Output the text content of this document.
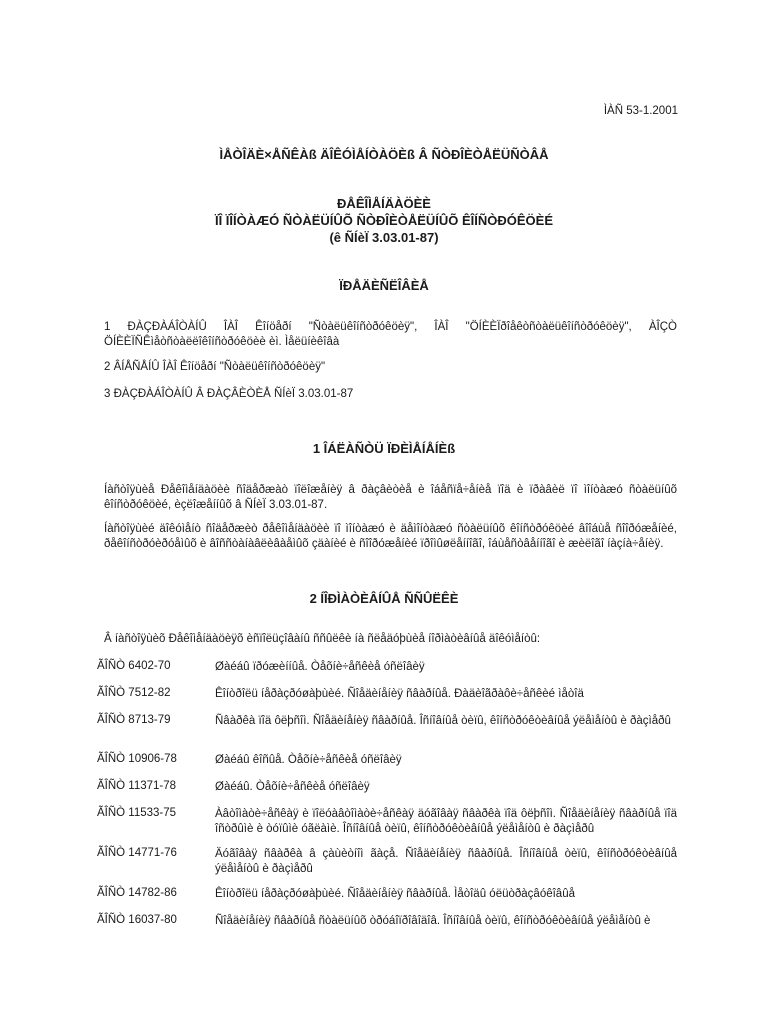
ÌÀÑ 53-1.2001
ÌÅÒÎÄÈ×ÅÑÊÀß ÄÎÊÓÌÅÍÒÀÖÈß Â ÑÒÐÎÈÒÅËÜÑÒÂÅ
ÐÅÊÎÌÅÍÄÀÖÈÈ
ÏÎ ÏÎÍÒÀÆÓ ÑÒÀËÜÍÛÕ ÑÒÐÎÈÒÅËÜÍÛÕ ÊÎÍÑÒÐÓÊÖÈÉ
(ê ÑÍèÏ 3.03.01-87)
ÏÐÅÄÈÑËÎÂÈÅ
1 ÐÀÇÐÀÁÎÒÀÍÛ ÎÀÎ Êîíöåðí "Ñòàëüêîíñòðóêöèÿ", ÎÀÎ "ÖÍÈÈÏðîåêòñòàëüêîíñòðóêöèÿ", ÀÎÇÒ ÖÍÈÈÏÑÊìåòñòàëëîêîíñòðóêöèè èì. Ìåëüíèêîâà
2 ÂÍÅÑÅÍÛ ÎÀÎ Êîíöåðí "Ñòàëüêîíñòðóêöèÿ"
3 ÐÀÇÐÀÁÎÒÀÍÛ Â ÐÀÇÂÈÒÈÅ ÑÍèÏ 3.03.01-87
1 ÎÁËÀÑÒÜ ÏÐÈÌÅÍÅÍÈß
Íàñòîÿùèå Ðåêîìåíäàöèè ñîäåðæàò ïîëîæåíèÿ â ðàçâèòèå è îáåñïå÷åíèå ïîä è ïðàâèë ïî ìîíòàæó ñòàëüíûõ êîíñòðóêöèé, èçëîæåííûõ â ÑÍèÏ 3.03.01-87.
Íàñòîÿùèé äîêóìåíò ñîäåðæèò ðåêîìåíäàöèè ïî ìîíòàæó è äåìîíòàæó ñòàëüíûõ êîíñòðóêöèé âîîáùå ñîîðóæåíèé, ðåêîíñòðóèðóåìûõ è âîññòàíàâëèâàåìûõ çäàíèé è ñîîðóæåíèé ïðîìûøëåííîãî, îáùåñòâåííîãî è æèëîãî íàçíà÷åíèÿ.
2 ÍÎÐÌÀÒÈÂÍÛÅ ÑÑÛËÊÈ
Â íàñòîÿùèõ Ðåêîìåíäàöèÿõ èñïîëüçîâàíû ññûëêè íà ñëåäóþùèå íîðìàòèâíûå äîêóìåíòû:
ÃÎÑÒ 6402-70	Øàéáû ïðóæèííûå. Òåõíè÷åñêèå óñëîâèÿ
ÃÎÑÒ 7512-82	Êîíòðîëü íåðàçðóøàþùèé. Ñîåäèíåíèÿ ñâàðíûå. Ðàäèîãðàôè÷åñêèé ìåòîä
ÃÎÑÒ 8713-79	Ñâàðêà ïîä ôëþñîì. Ñîåäèíåíèÿ ñâàðíûå. Îñíîâíûå òèïû, êîíñòðóêòèâíûå ýëåìåíòû è ðàçìåðû
ÃÎÑÒ 10906-78	Øàéáû êîñûå. Òåõíè÷åñêèå óñëîâèÿ
ÃÎÑÒ 11371-78	Øàéáû. Òåõíè÷åñêèå óñëîâèÿ
ÃÎÑÒ 11533-75	Àâòîìàòè÷åñêàÿ è ïîëóàâòîìàòè÷åñêàÿ äóãîâàÿ ñâàðêà ïîä ôëþñîì. Ñîåäèíåíèÿ ñâàðíûå ïîä îñòðûìè è òóïûìè óãëàìè. Îñíîâíûå òèïû, êîíñòðóêòèâíûå ýëåìåíòû è ðàçìåðû
ÃÎÑÒ 14771-76	Äóãîâàÿ ñâàðêà â çàùèòíîì ãàçå. Ñîåäèíåíèÿ ñâàðíûå. Îñíîâíûå òèïû, êîíñòðóêòèâíûå ýëåìåíòû è ðàçìåðû
ÃÎÑÒ 14782-86	Êîíòðîëü íåðàçðóøàþùèé. Ñîåäèíåíèÿ ñâàðíûå. Ìåòîäû óëüòðàçâóêîâûå
ÃÎÑÒ 16037-80	Ñîåäèíåíèÿ ñâàðíûå ñòàëüíûõ òðóáîïðîâîäîâ. Îñíîâíûå òèïû, êîíñòðóêòèâíûå ýëåìåíòû è
